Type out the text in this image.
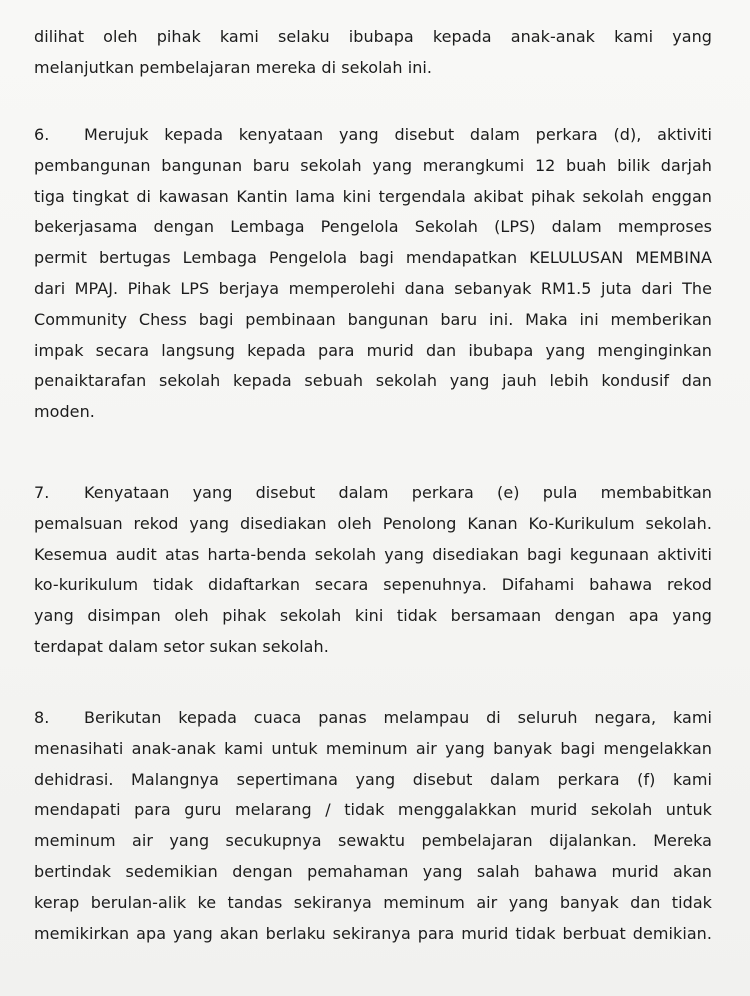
dilihat oleh pihak kami selaku ibubapa kepada anak-anak kami yang
melanjutkan pembelajaran mereka di sekolah ini.
6. Merujuk kepada kenyataan yang disebut dalam perkara (d), aktiviti
pembangunan bangunan baru sekolah yang merangkumi 12 buah bilik darjah
tiga tingkat di kawasan Kantin lama kini tergendala akibat pihak sekolah enggan
bekerjasama dengan Lembaga Pengelola Sekolah (LPS) dalam memproses
permit bertugas Lembaga Pengelola bagi mendapatkan KELULUSAN MEMBINA
dari MPAJ. Pihak LPS berjaya memperolehi dana sebanyak RM1.5 juta dari The
Community Chess bagi pembinaan bangunan baru ini. Maka ini memberikan
impak secara langsung kepada para murid dan ibubapa yang menginginkan
penaiktarafan sekolah kepada sebuah sekolah yang jauh lebih kondusif dan
moden.
7. Kenyataan yang disebut dalam perkara (e) pula membabitkan
pemalsuan rekod yang disediakan oleh Penolong Kanan Ko-Kurikulum sekolah.
Kesemua audit atas harta-benda sekolah yang disediakan bagi kegunaan aktiviti
ko-kurikulum tidak didaftarkan secara sepenuhnya. Difahami bahawa rekod
yang disimpan oleh pihak sekolah kini tidak bersamaan dengan apa yang
terdapat dalam setor sukan sekolah.
8. Berikutan kepada cuaca panas melampau di seluruh negara, kami
menasihati anak-anak kami untuk meminum air yang banyak bagi mengelakkan
dehidrasi. Malangnya sepertimana yang disebut dalam perkara (f) kami
mendapati para guru melarang / tidak menggalakkan murid sekolah untuk
meminum air yang secukupnya sewaktu pembelajaran dijalankan. Mereka
bertindak sedemikian dengan pemahaman yang salah bahawa murid akan
kerap berulan-alik ke tandas sekiranya meminum air yang banyak dan tidak
memikirkan apa yang akan berlaku sekiranya para murid tidak berbuat demikian.
